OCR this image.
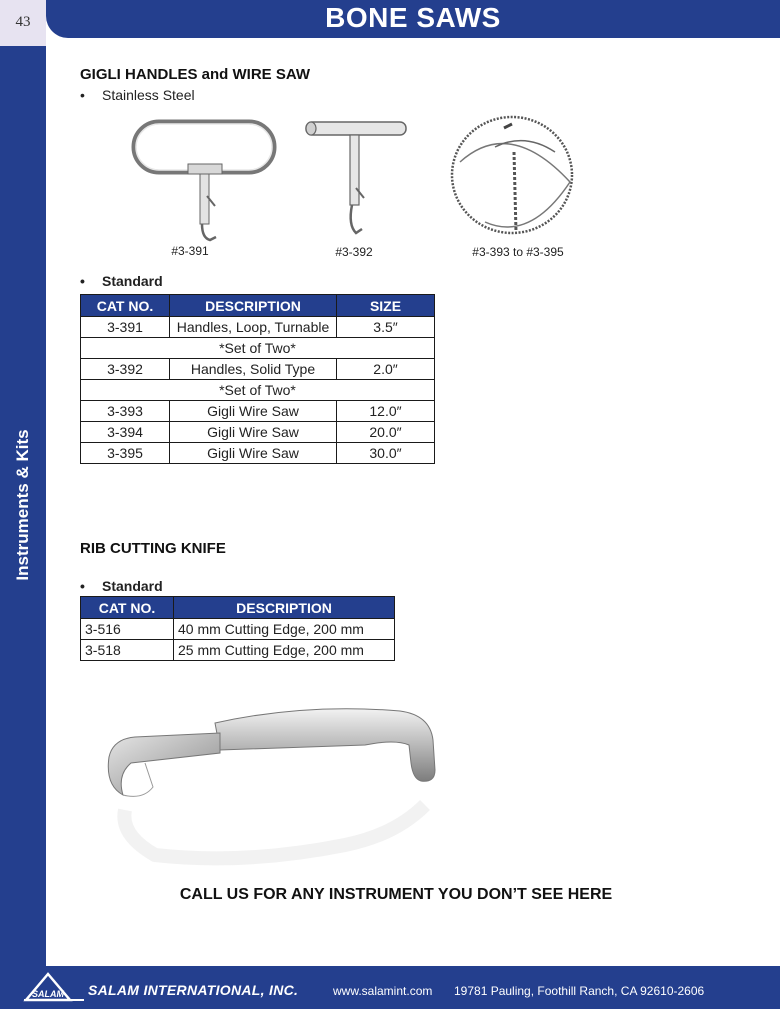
43
Instruments & Kits
BONE SAWS
GIGLI HANDLES and WIRE SAW
• Stainless Steel
#3-391	#3-392	#3-393 to #3-395
• Standard
CAT NO.	DESCRIPTION	SIZE
3-391	Handles, Loop, Turnable	3.5″
*Set of Two*		
3-392	Handles, Solid Type	2.0″
*Set of Two*		
3-393	Gigli Wire Saw	12.0″
3-394	Gigli Wire Saw	20.0″
3-395	Gigli Wire Saw	30.0″
RIB CUTTING KNIFE
• Standard
CAT NO.	DESCRIPTION
3-516	40 mm Cutting Edge, 200 mm
3-518	25 mm Cutting Edge, 200 mm
CALL US FOR ANY INSTRUMENT YOU DON’T SEE HERE
SALAM SALAM INTERNATIONAL, INC.	www.salamint.com 19781 Pauling, Foothill Ranch, CA 92610-2606
